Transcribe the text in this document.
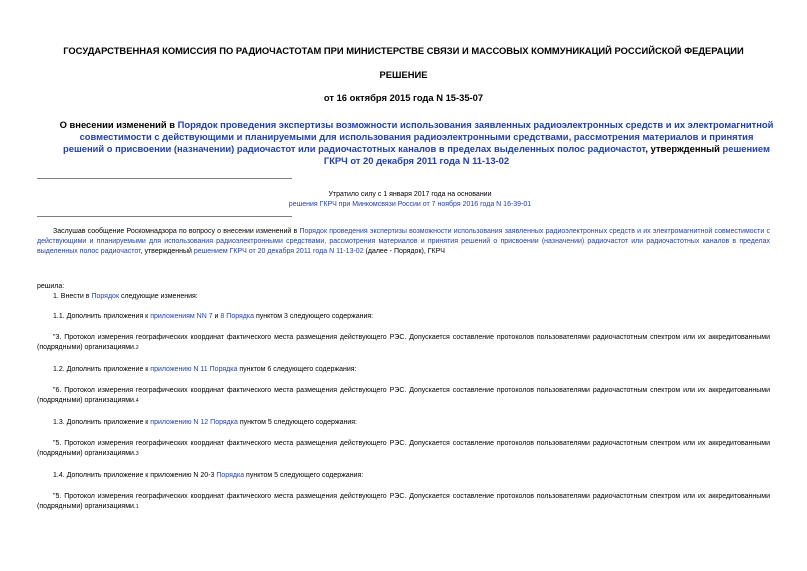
ГОСУДАРСТВЕННАЯ КОМИССИЯ ПО РАДИОЧАСТОТАМ ПРИ МИНИСТЕРСТВЕ СВЯЗИ И МАССОВЫХ КОММУНИКАЦИЙ РОССИЙСКОЙ ФЕДЕРАЦИИ
РЕШЕНИЕ
от 16 октября 2015 года N 15-35-07
О внесении изменений в Порядок проведения экспертизы возможности использования заявленных радиоэлектронных средств и их электромагнитной совместимости с действующими и планируемыми для использования радиоэлектронными средствами, рассмотрения материалов и принятия решений о присвоении (назначении) радиочастот или радиочастотных каналов в пределах выделенных полос радиочастот, утвержденный решением ГКРЧ от 20 декабря 2011 года N 11-13-02
Утратило силу с 1 января 2017 года на основании
решения ГКРЧ при Минкомсвязи России от 7 ноября 2016 года N 16-39-01
Заслушав сообщение Роскомнадзора по вопросу о внесении изменений в Порядок проведения экспертизы возможности использования заявленных радиоэлектронных средств и их электромагнитной совместимости с действующими и планируемыми для использования радиоэлектронными средствами, рассмотрения материалов и принятия решений о присвоении (назначении) радиочастот или радиочастотных каналов в пределах выделенных полос радиочастот, утвержденный решением ГКРЧ от 20 декабря 2011 года N 11-13-02 (далее - Порядок), ГКРЧ
решила:
1. Внести в Порядок следующие изменения:
1.1. Дополнить приложения к приложениям NN 7 и 8 Порядка пунктом 3 следующего содержания:
"3. Протокол измерения географических координат фактического места размещения действующего РЭС. Допускается составление протоколов пользователями радиочастотным спектром или их аккредитованными (подрядными) организациями.2
1.2. Дополнить приложение к приложению N 11 Порядка пунктом 6 следующего содержания:
"6. Протокол измерения географических координат фактического места размещения действующего РЭС. Допускается составление протоколов пользователями радиочастотным спектром или их аккредитованными (подрядными) организациями.4
1.3. Дополнить приложение к приложению N 12 Порядка пунктом 5 следующего содержания:
"5. Протокол измерения географических координат фактического места размещения действующего РЭС. Допускается составление протоколов пользователями радиочастотным спектром или их аккредитованными (подрядными) организациями.3
1.4. Дополнить приложение к приложению N 20-3 Порядка пунктом 5 следующего содержания:
"5. Протокол измерения географических координат фактического места размещения действующего РЭС. Допускается составление протоколов пользователями радиочастотным спектром или их аккредитованными (подрядными) организациями.1
